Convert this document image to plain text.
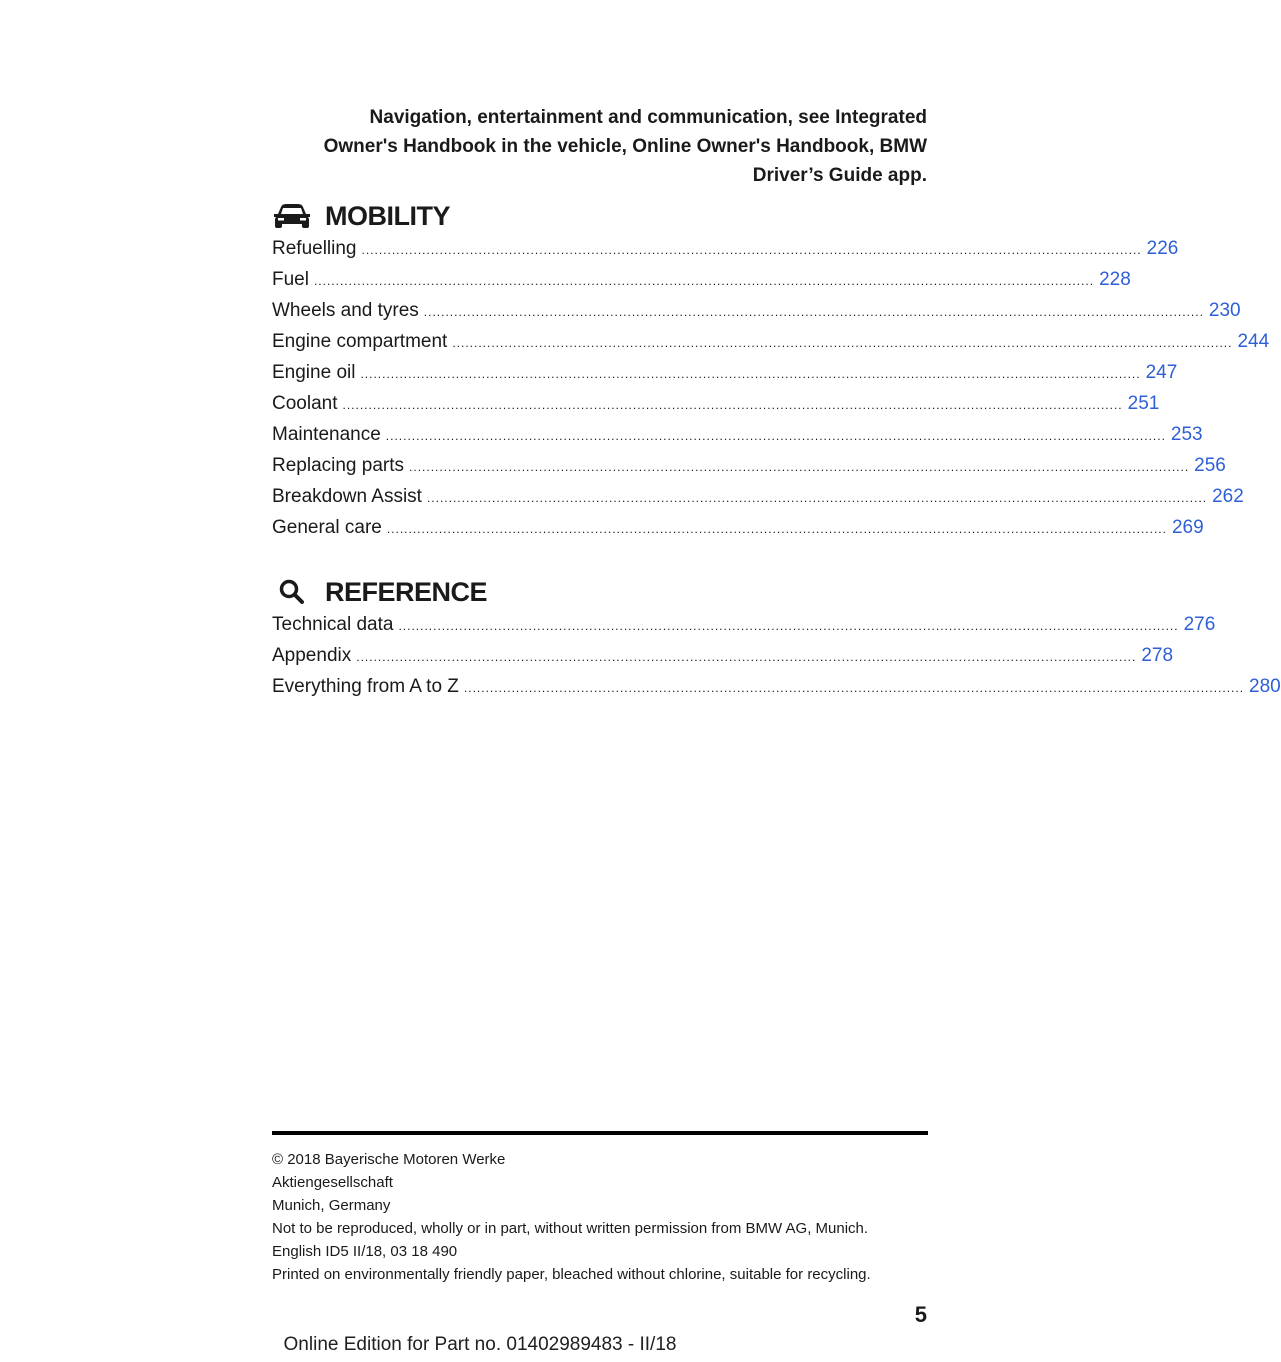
Navigation, entertainment and communication, see Integrated
Owner's Handbook in the vehicle, Online Owner's Handbook, BMW
Driver’s Guide app.
MOBILITY
Refuelling .................................................................................................................................................................................... 226
Fuel .................................................................................................................................................................................... 228
Wheels and tyres .................................................................................................................................................................................... 230
Engine compartment .................................................................................................................................................................................... 244
Engine oil .................................................................................................................................................................................... 247
Coolant .................................................................................................................................................................................... 251
Maintenance .................................................................................................................................................................................... 253
Replacing parts .................................................................................................................................................................................... 256
Breakdown Assist .................................................................................................................................................................................... 262
General care .................................................................................................................................................................................... 269
REFERENCE
Technical data .................................................................................................................................................................................... 276
Appendix .................................................................................................................................................................................... 278
Everything from A to Z .................................................................................................................................................................................... 280
© 2018 Bayerische Motoren Werke
Aktiengesellschaft
Munich, Germany
Not to be reproduced, wholly or in part, without written permission from BMW AG, Munich.
English ID5 II/18, 03 18 490
Printed on environmentally friendly paper, bleached without chlorine, suitable for recycling.
5
Online Edition for Part no. 01402989483 - II/18
